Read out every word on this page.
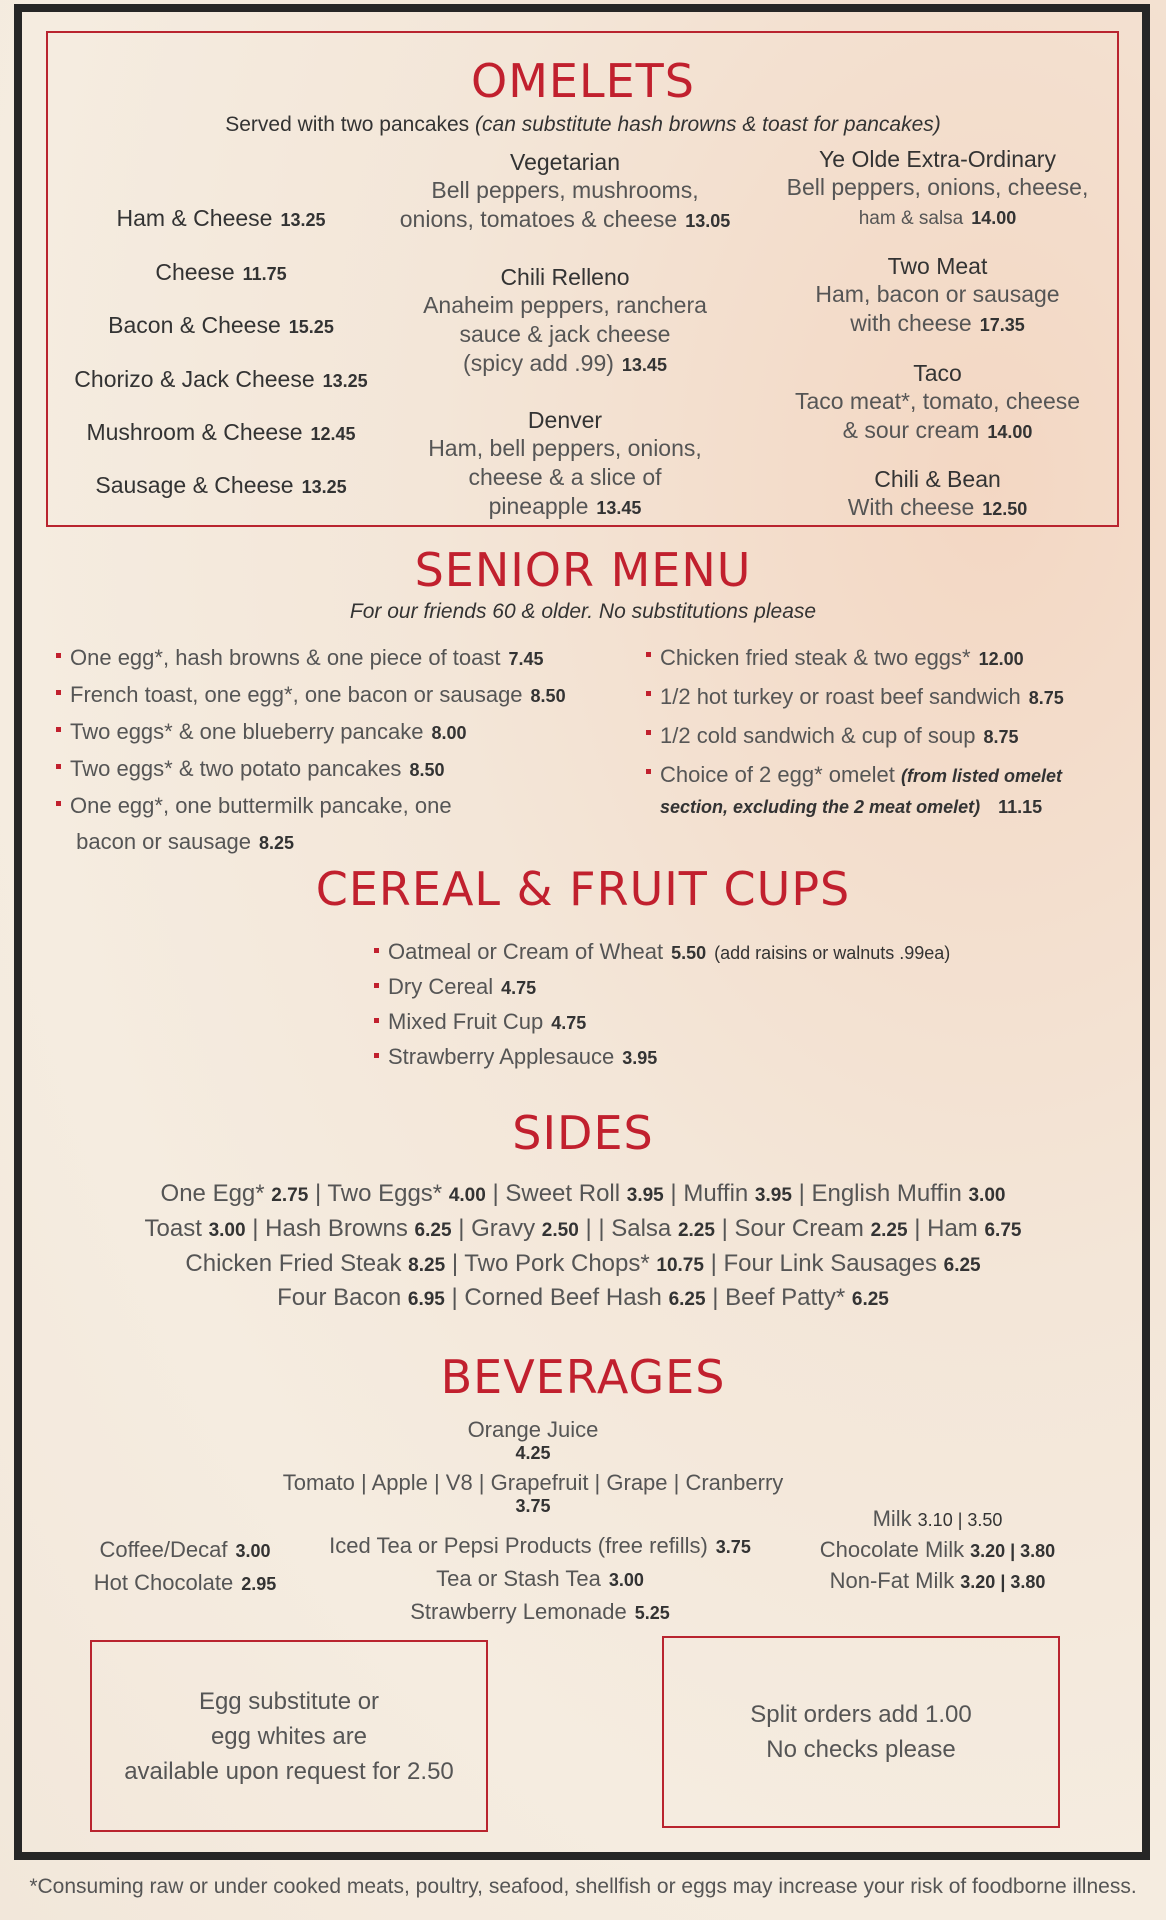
OMELETS
Served with two pancakes (can substitute hash browns & toast for pancakes)
Ham & Cheese 13.25
Cheese 11.75
Bacon & Cheese 15.25
Chorizo & Jack Cheese 13.25
Mushroom & Cheese 12.45
Sausage & Cheese 13.25
Vegetarian
Bell peppers, mushrooms,
onions, tomatoes & cheese 13.05
Chili Relleno
Anaheim peppers, ranchera
sauce & jack cheese
(spicy add .99) 13.45
Denver
Ham, bell peppers, onions,
cheese & a slice of
pineapple 13.45
Ye Olde Extra-Ordinary
Bell peppers, onions, cheese,
ham & salsa 14.00
Two Meat
Ham, bacon or sausage
with cheese 17.35
Taco
Taco meat*, tomato, cheese
& sour cream 14.00
Chili & Bean
With cheese 12.50
SENIOR MENU
For our friends 60 & older. No substitutions please
One egg*, hash browns & one piece of toast 7.45
French toast, one egg*, one bacon or sausage 8.50
Two eggs* & one blueberry pancake 8.00
Two eggs* & two potato pancakes 8.50
One egg*, one buttermilk pancake, one
bacon or sausage 8.25
Chicken fried steak & two eggs* 12.00
1/2 hot turkey or roast beef sandwich 8.75
1/2 cold sandwich & cup of soup 8.75
Choice of 2 egg* omelet (from listed omelet
section, excluding the 2 meat omelet) 11.15
CEREAL & FRUIT CUPS
Oatmeal or Cream of Wheat 5.50 (add raisins or walnuts .99ea)
Dry Cereal 4.75
Mixed Fruit Cup 4.75
Strawberry Applesauce 3.95
SIDES
One Egg* 2.75 | Two Eggs* 4.00 | Sweet Roll 3.95 | Muffin 3.95 | English Muffin 3.00
Toast 3.00 | Hash Browns 6.25 | Gravy 2.50 | | Salsa 2.25 | Sour Cream 2.25 | Ham 6.75
Chicken Fried Steak 8.25 | Two Pork Chops* 10.75 | Four Link Sausages 6.25
Four Bacon 6.95 | Corned Beef Hash 6.25 | Beef Patty* 6.25
BEVERAGES
Orange Juice
4.25
Tomato | Apple | V8 | Grapefruit | Grape | Cranberry
3.75
Coffee/Decaf 3.00
Hot Chocolate 2.95
Iced Tea or Pepsi Products (free refills) 3.75
Tea or Stash Tea 3.00
Strawberry Lemonade 5.25
Milk 3.10 | 3.50
Chocolate Milk 3.20 | 3.80
Non-Fat Milk 3.20 | 3.80
Egg substitute or
egg whites are
available upon request for 2.50
Split orders add 1.00
No checks please
*Consuming raw or under cooked meats, poultry, seafood, shellfish or eggs may increase your risk of foodborne illness.
